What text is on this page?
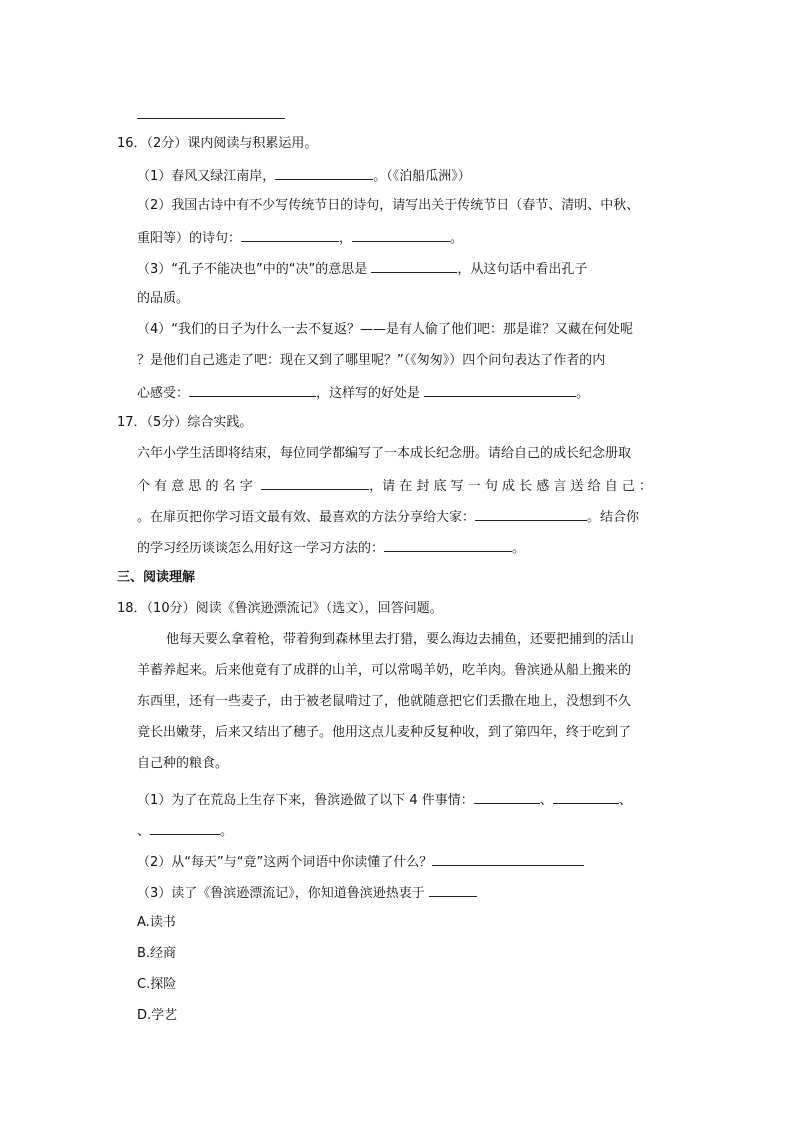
16．（2分）课内阅读与积累运用。
（1）春风又绿江南岸，	。（《泊船瓜洲》）
（2）我国古诗中有不少写传统节日的诗句，请写出关于传统节日（春节、清明、中秋、
重阳等）的诗句：	，	。
（3）“孔子不能决也”中的“决”的意思是	，从这句话中看出孔子
的品质。
（4）“我们的日子为什么一去不复返？——是有人偷了他们吧：那是谁？又藏在何处呢
？是他们自己逃走了吧：现在又到了哪里呢？”（《匆匆》）四个问句表达了作者的内
心感受：	，这样写的好处是	。
17．（5分）综合实践。
六年小学生活即将结束，每位同学都编写了一本成长纪念册。请给自己的成长纪念册取
个 有 意 思 的 名 字	，请 在 封 底 写 一 句 成 长 感 言 送 给 自 己 ：
。在扉页把你学习语文最有效、最喜欢的方法分享给大家：	。结合你
的学习经历谈谈怎么用好这一学习方法的：	。
三、阅读理解
18．（10分）阅读《鲁滨逊漂流记》（选文），回答问题。
他每天要么拿着枪，带着狗到森林里去打猎，要么海边去捕鱼，还要把捕到的活山
羊蓄养起来。后来他竟有了成群的山羊，可以常喝羊奶，吃羊肉。鲁滨逊从船上搬来的
东西里，还有一些麦子，由于被老鼠啃过了，他就随意把它们丢撒在地上，没想到不久
竟长出嫩芽，后来又结出了穗子。他用这点儿麦种反复种收，到了第四年，终于吃到了
自己种的粮食。
（1）为了在荒岛上生存下来，鲁滨逊做了以下 4 件事情：	、	、
、	。
（2）从“每天”与“竟”这两个词语中你读懂了什么？
（3）读了《鲁滨逊漂流记》，你知道鲁滨逊热衷于
A.读书
B.经商
C.探险
D.学艺
